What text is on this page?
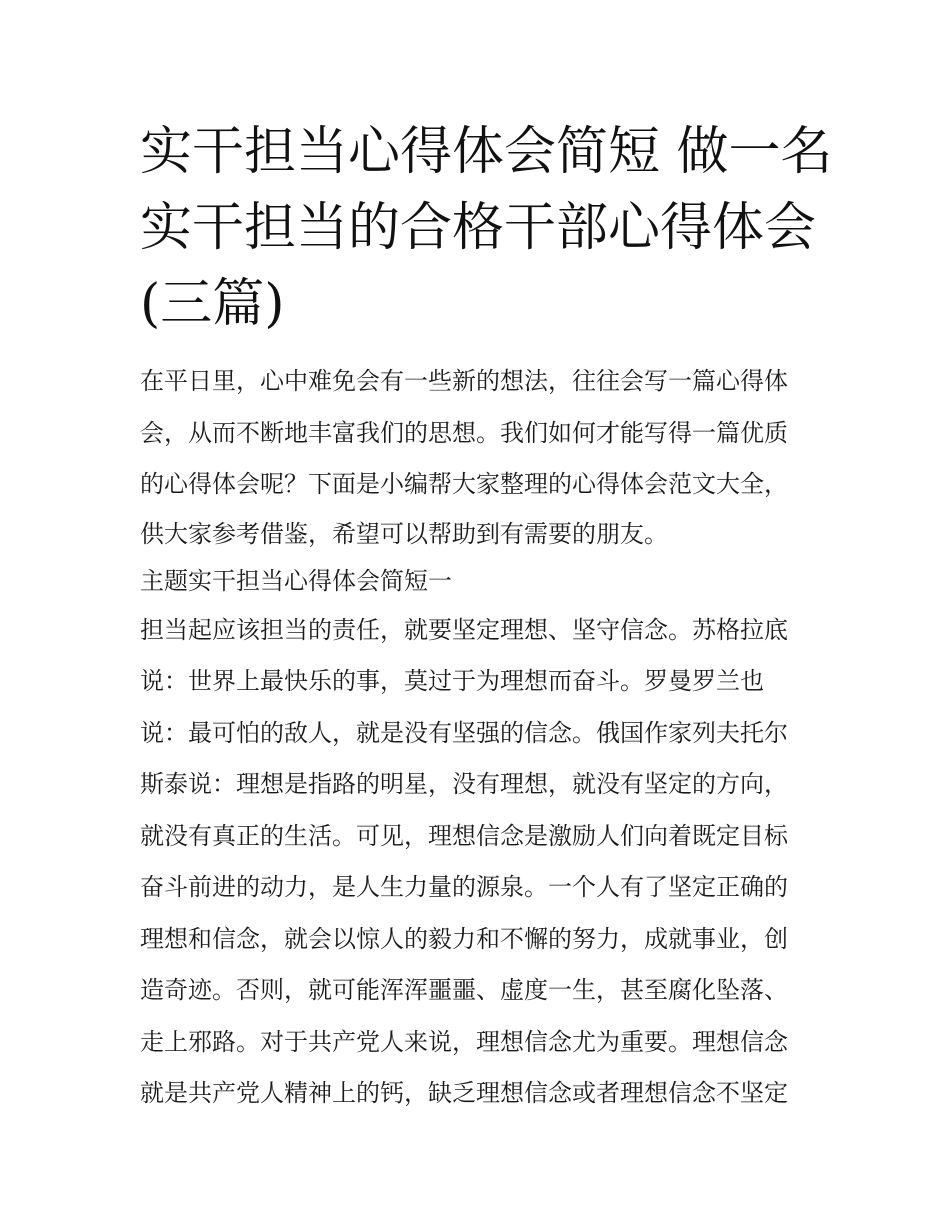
实干担当心得体会简短 做一名
实干担当的合格干部心得体会
(三篇)
在平日里，心中难免会有一些新的想法，往往会写一篇心得体
会，从而不断地丰富我们的思想。我们如何才能写得一篇优质
的心得体会呢？下面是小编帮大家整理的心得体会范文大全，
供大家参考借鉴，希望可以帮助到有需要的朋友。
主题实干担当心得体会简短一
担当起应该担当的责任，就要坚定理想、坚守信念。苏格拉底
说：世界上最快乐的事，莫过于为理想而奋斗。罗曼罗兰也
说：最可怕的敌人，就是没有坚强的信念。俄国作家列夫托尔
斯泰说：理想是指路的明星，没有理想，就没有坚定的方向，
就没有真正的生活。可见，理想信念是激励人们向着既定目标
奋斗前进的动力，是人生力量的源泉。一个人有了坚定正确的
理想和信念，就会以惊人的毅力和不懈的努力，成就事业，创
造奇迹。否则，就可能浑浑噩噩、虚度一生，甚至腐化坠落、
走上邪路。对于共产党人来说，理想信念尤为重要。理想信念
就是共产党人精神上的钙，缺乏理想信念或者理想信念不坚定
